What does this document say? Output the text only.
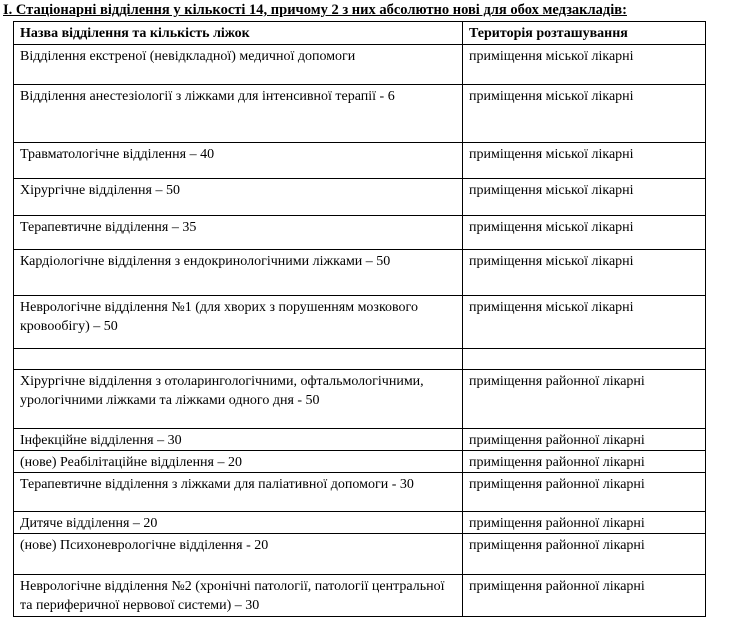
І. Стаціонарні відділення у кількості 14, причому 2 з них абсолютно нові для обох медзакладів:
Назва відділення та кількість ліжок	Територія розташування
Відділення екстреної (невідкладної) медичної допомоги	приміщення міської лікарні
Відділення анестезіології з ліжками для інтенсивної терапії - 6	приміщення міської лікарні
Травматологічне відділення – 40	приміщення міської лікарні
Хірургічне відділення – 50	приміщення міської лікарні
Терапевтичне відділення – 35	приміщення міської лікарні
Кардіологічне відділення з ендокринологічними ліжками – 50	приміщення міської лікарні
Неврологічне відділення №1 (для хворих з порушенням мозкового кровообігу) – 50	приміщення міської лікарні

Хірургічне відділення з отоларингологічними, офтальмологічними, урологічними ліжками та ліжками одного дня - 50	приміщення районної лікарні
Інфекційне відділення – 30	приміщення районної лікарні
(нове) Реабілітаційне відділення – 20	приміщення районної лікарні
Терапевтичне відділення з ліжками для паліативної допомоги - 30	приміщення районної лікарні
Дитяче відділення – 20	приміщення районної лікарні
(нове) Психоневрологічне відділення - 20	приміщення районної лікарні
Неврологічне відділення №2 (хронічні патології, патології центральної та периферичної нервової системи) – 30	приміщення районної лікарні
